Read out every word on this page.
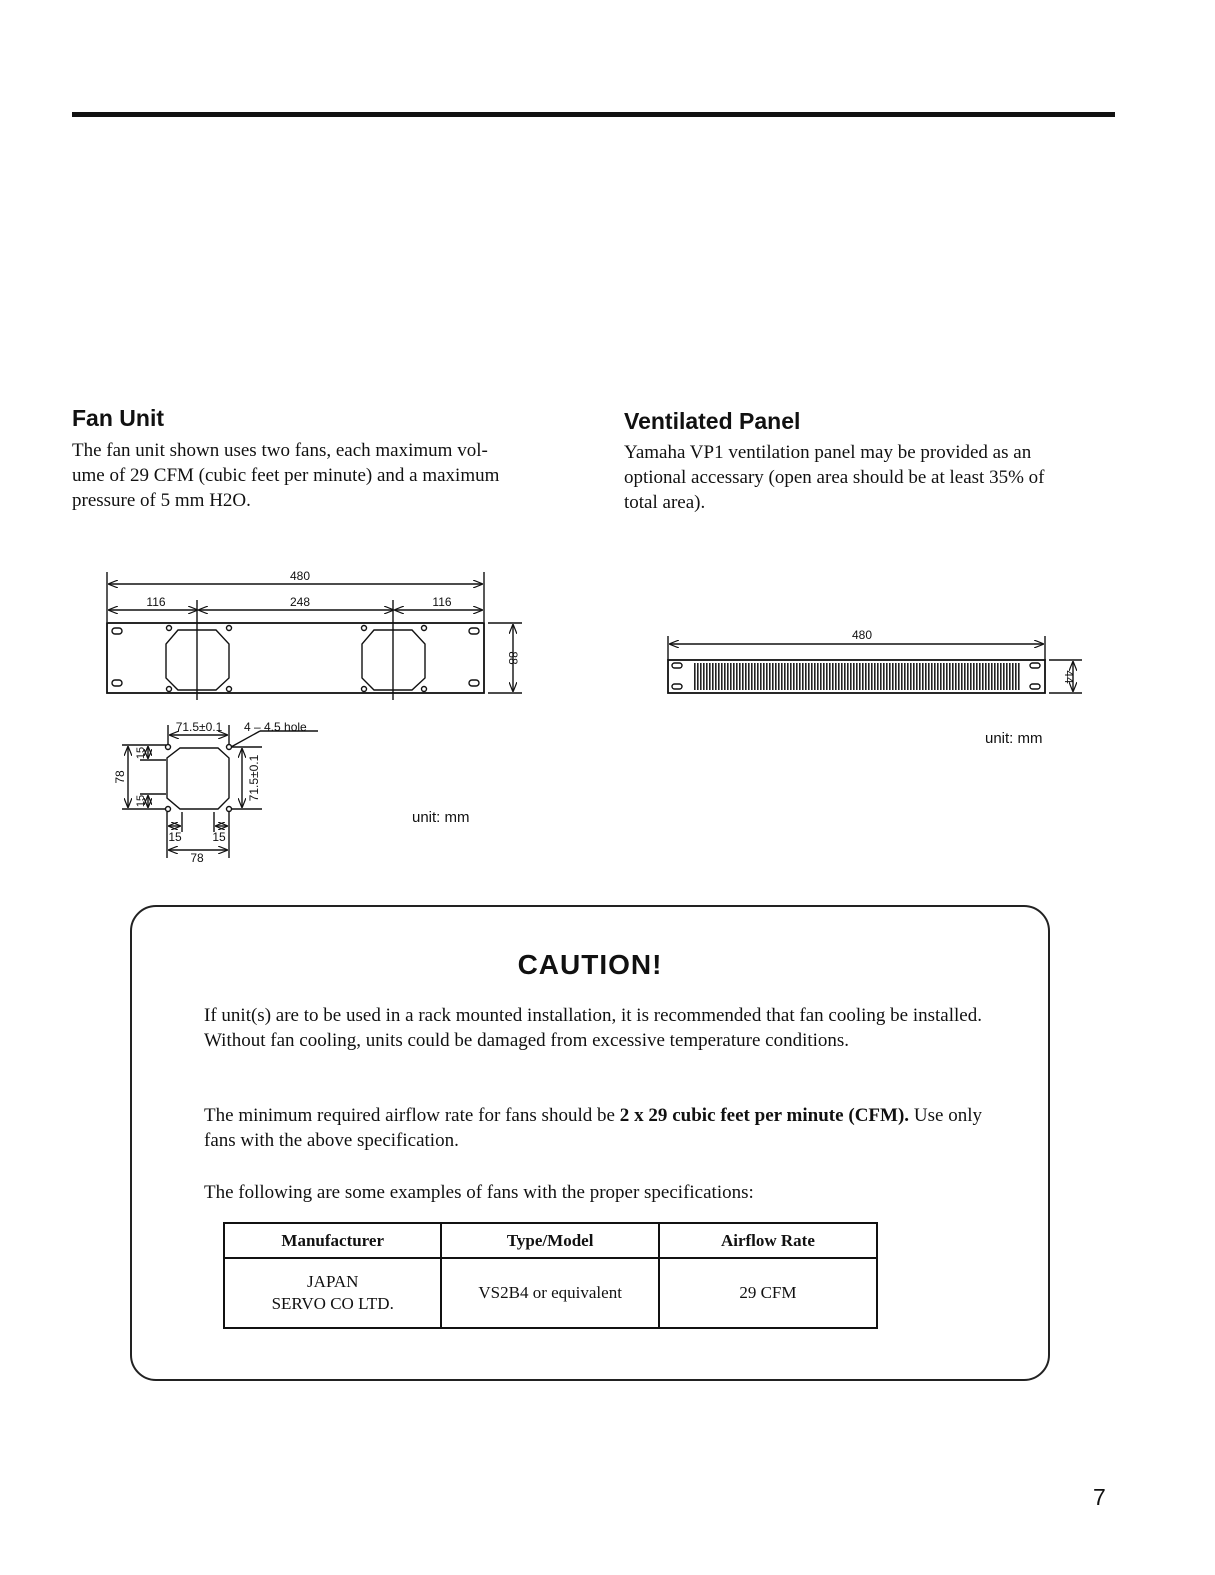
Fan Unit

The fan unit shown uses two fans, each maximum vol-

ume of 29 CFM (cubic feet per minute) and a maximum

pressure of 5 mm H2O.

Ventilated Panel

Yamaha VP1 ventilation panel may be provided as an

optional accessary (open area should be at least 35% of

total area).

480
116	248	116
88
71.5±0.1 4 – 4.5 hole
78
15
15	71.5±0.1
15	15
78
unit: mm
480
44
unit: mm
CAUTION!

If unit(s) are to be used in a rack mounted installation, it is recommended that fan cooling be installed. Without fan cooling, units could be damaged from excessive temperature conditions.

The minimum required airflow rate for fans should be 2 x 29 cubic feet per minute (CFM). Use only fans with the above specification.

The following are some examples of fans with the proper specifications:

Manufacturer	Type/Model	Airflow Rate
JAPAN
SERVO CO LTD.	VS2B4 or equivalent	29 CFM

7
